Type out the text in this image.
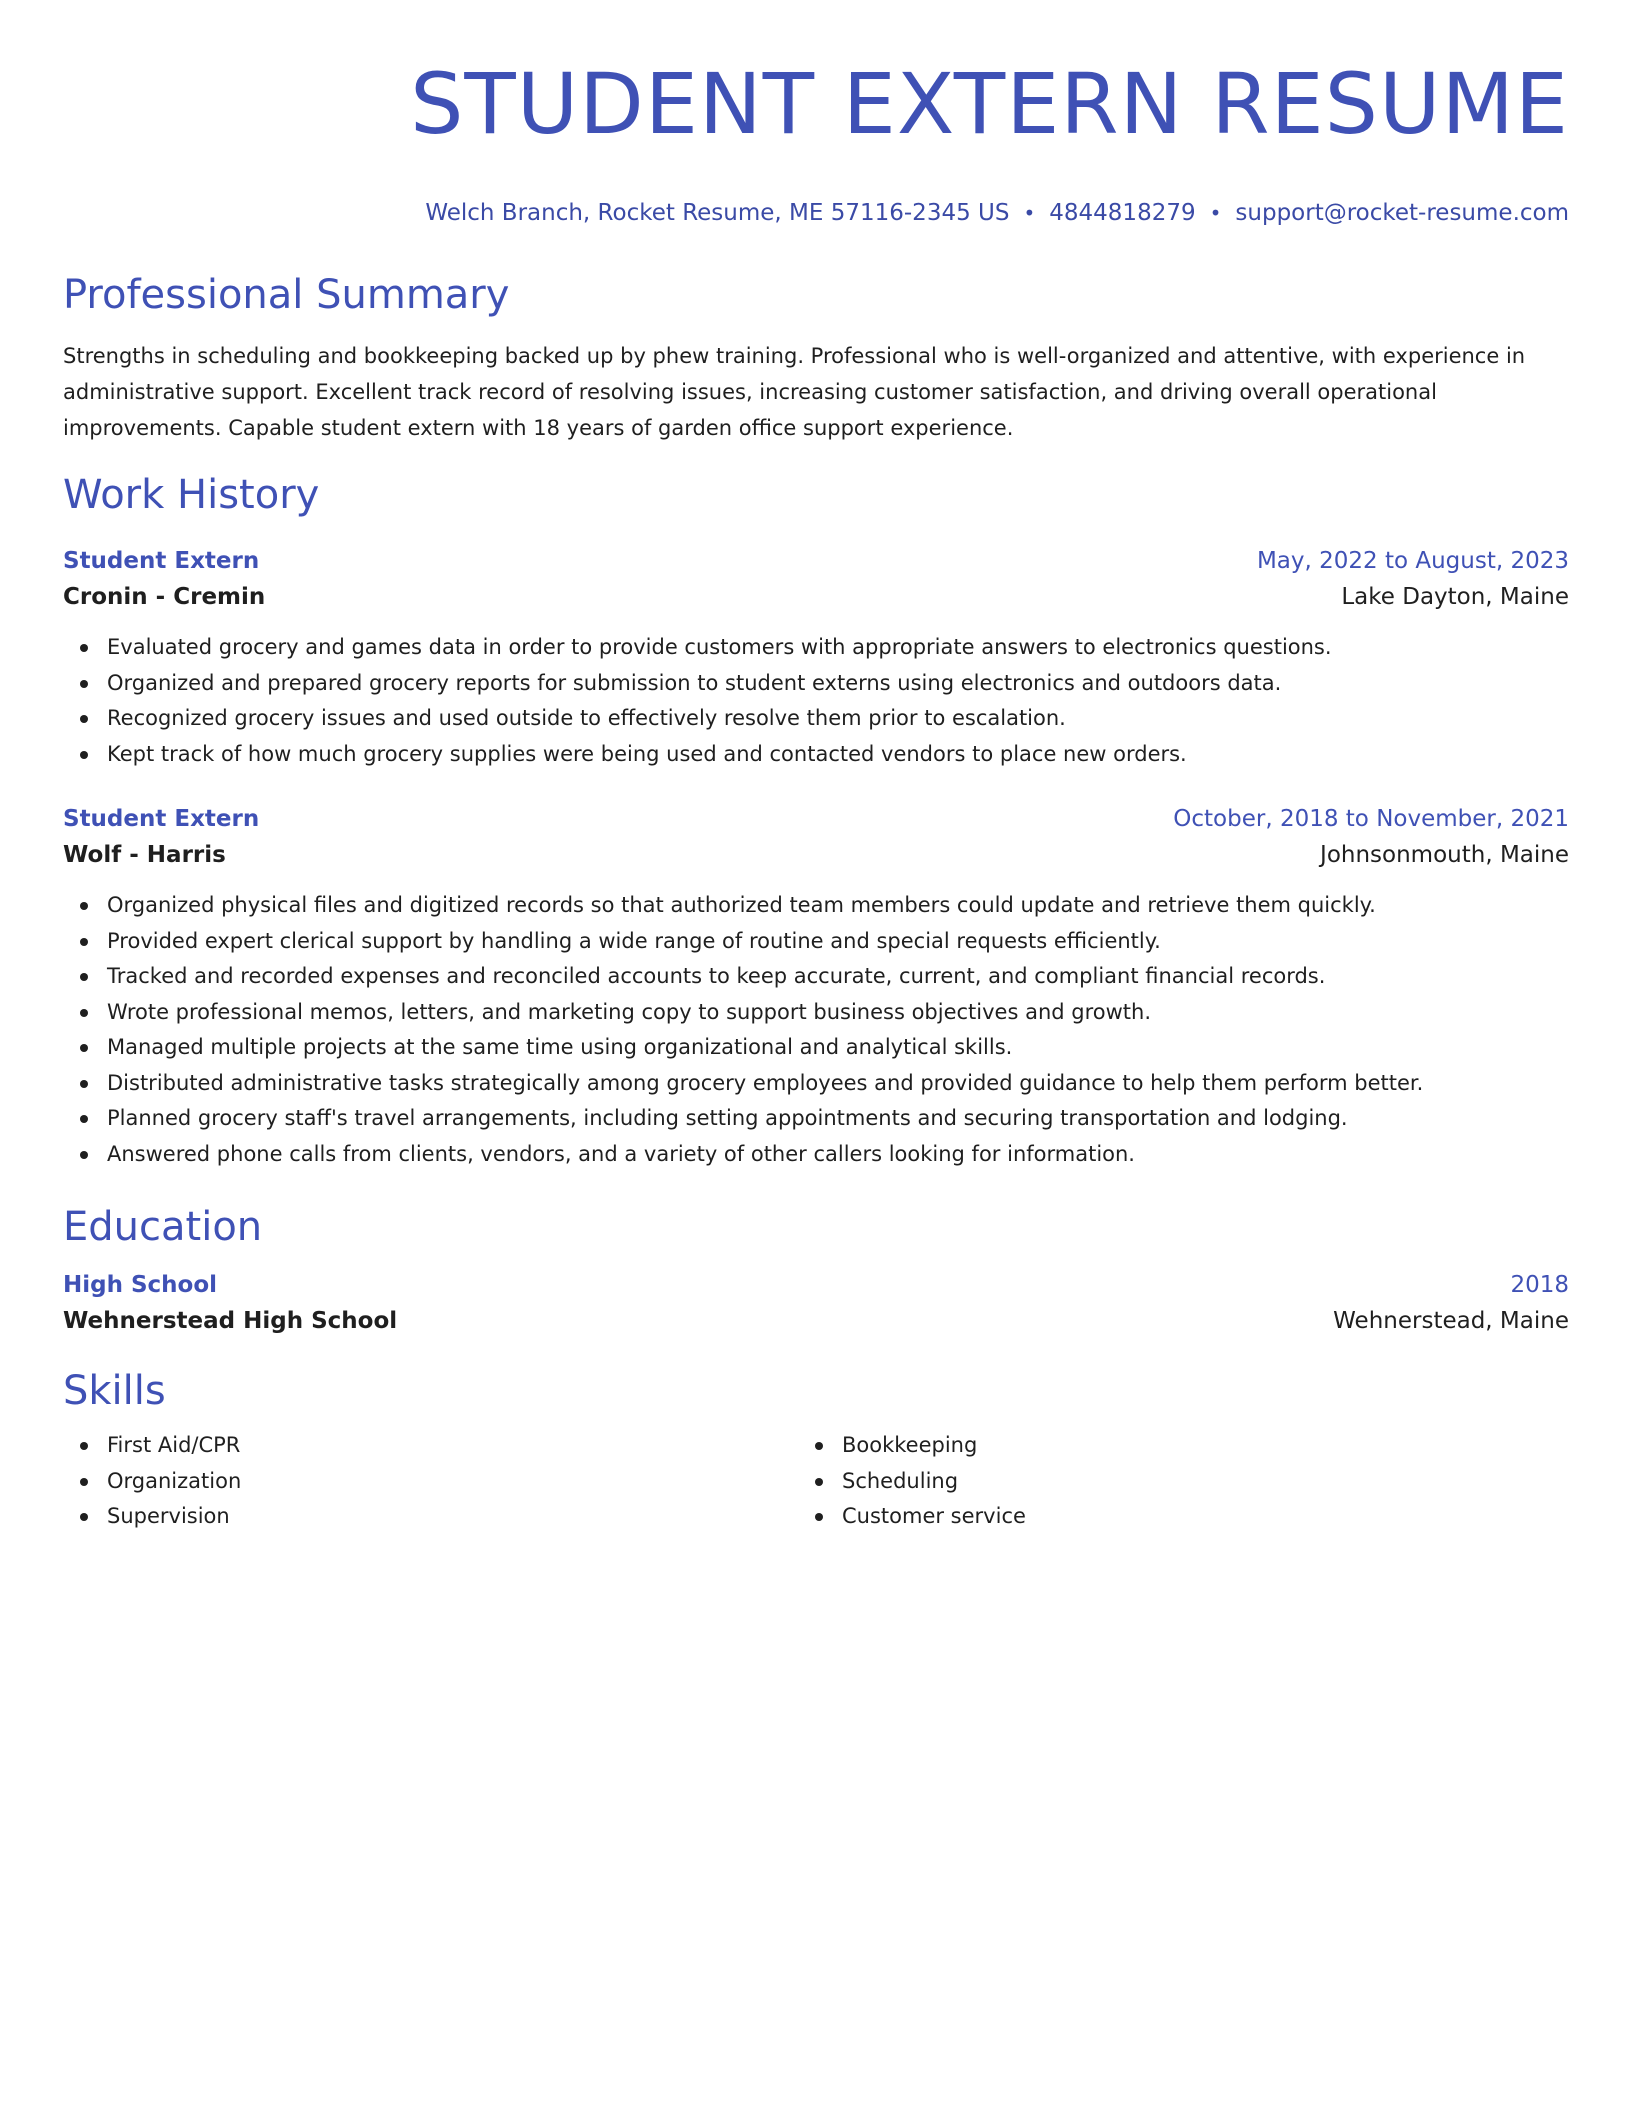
STUDENT EXTERN RESUME
Welch Branch, Rocket Resume, ME 57116-2345 US • 4844818279 • support@rocket-resume.com
Professional Summary

Strengths in scheduling and bookkeeping backed up by phew training. Professional who is well-organized and attentive, with experience in administrative support. Excellent track record of resolving issues, increasing customer satisfaction, and driving overall operational improvements. Capable student extern with 18 years of garden office support experience.

Work History
Student Extern	May, 2022 to August, 2023
Cronin - Cremin	Lake Dayton, Maine
Evaluated grocery and games data in order to provide customers with appropriate answers to electronics questions.
Organized and prepared grocery reports for submission to student externs using electronics and outdoors data.
Recognized grocery issues and used outside to effectively resolve them prior to escalation.
Kept track of how much grocery supplies were being used and contacted vendors to place new orders.
Student Extern	October, 2018 to November, 2021
Wolf - Harris	Johnsonmouth, Maine
Organized physical files and digitized records so that authorized team members could update and retrieve them quickly.
Provided expert clerical support by handling a wide range of routine and special requests efficiently.
Tracked and recorded expenses and reconciled accounts to keep accurate, current, and compliant financial records.
Wrote professional memos, letters, and marketing copy to support business objectives and growth.
Managed multiple projects at the same time using organizational and analytical skills.
Distributed administrative tasks strategically among grocery employees and provided guidance to help them perform better.
Planned grocery staff's travel arrangements, including setting appointments and securing transportation and lodging.
Answered phone calls from clients, vendors, and a variety of other callers looking for information.
Education
High School	2018
Wehnerstead High School	Wehnerstead, Maine
Skills
First Aid/CPR
Organization
Supervision
Bookkeeping
Scheduling
Customer service
